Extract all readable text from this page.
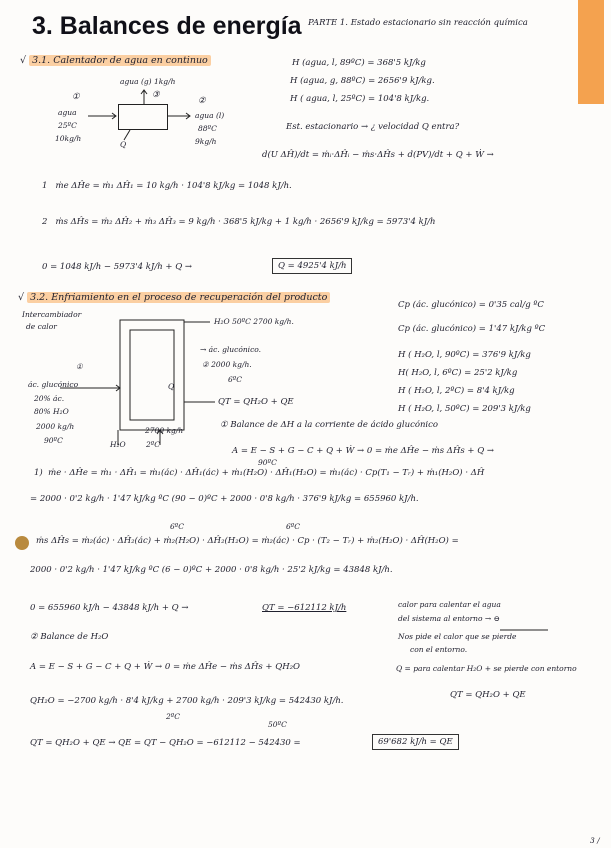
3. Balances de energía PARTE 1. Estado estacionario sin reacción química
√ 3.1. Calentador de agua en continuo
agua (g) 1kg/h
①	③
②
agua
25ºC
10kg/h
Q
agua (l)
88ºC
9kg/h
H (agua, l, 89ºC) = 368'5 kJ/kg
H (agua, g, 88ºC) = 2656'9 kJ/kg.
H ( agua, l, 25ºC) = 104'8 kJ/kg.
Est. estacionario → ¿ velocidad Q entra?
d(U ΔĤ)/dt = ṁᵢ·ΔĤᵢ − ṁs·ΔĤs + d(PV)/dt + Q + Ẇ →
1   ṁe ΔĤe = ṁ₁ ΔĤ₁ = 10 kg/h · 104'8 kJ/kg = 1048 kJ/h.
2   ṁs ΔĤs = ṁ₂ ΔĤ₂ + ṁ₃ ΔĤ₃ = 9 kg/h · 368'5 kJ/kg + 1 kg/h · 2656'9 kJ/kg = 5973'4 kJ/h
0 = 1048 kJ/h − 5973'4 kJ/h + Q →	Q = 4925'4 kJ/h
√ 3.2. Enfriamiento en el proceso de recuperación del producto
Intercambiador
de calor
H₂O 50ºC 2700 kg/h.
→ ác. glucónico.
② 2000 kg/h.
6ºC
①
ác. glucónico
20% ác.
80% H₂O
2000 kg/h
90ºC
2700 kg/h
H₂O	2ºC
Q
QT = QH₂O + QE
Cp (ác. glucónico) = 0'35 cal/g ºC
Cp (ác. glucónico) = 1'47 kJ/kg ºC
H ( H₂O, l, 90ºC) = 376'9 kJ/kg
H( H₂O, l, 6ºC) = 25'2 kJ/kg
H ( H₂O, l, 2ºC) = 8'4 kJ/kg
H ( H₂O, l, 50ºC) = 209'3 kJ/kg
① Balance de ΔH a la corriente de ácido glucónico
A = E − S + G − C + Q + Ẇ → 0 = ṁe ΔĤe − ṁs ΔĤs + Q →
90ºC
1)  ṁe · ΔĤe = ṁ₁ · ΔĤ₁ = ṁ₁(ác) · ΔĤ₁(ác) + ṁ₁(H₂O) · ΔĤ₁(H₂O) = ṁ₁(ác) · Cp(T₁ − Tᵣ) + ṁ₁(H₂O) · ΔĤ
= 2000 · 0'2 kg/h · 1'47 kJ/kg ºC (90 − 0)ºC + 2000 · 0'8 kg/h · 376'9 kJ/kg = 655960 kJ/h.
6ºC	6ºC
ṁs ΔĤs = ṁ₂(ác) · ΔĤ₂(ác) + ṁ₂(H₂O) · ΔĤ₂(H₂O) = ṁ₂(ác) · Cp · (T₂ − Tᵣ) + ṁ₂(H₂O) · ΔĤ(H₂O) =
2000 · 0'2 kg/h · 1'47 kJ/kg ºC (6 − 0)ºC + 2000 · 0'8 kg/h · 25'2 kJ/kg = 43848 kJ/h.
0 = 655960 kJ/h − 43848 kJ/h + Q →	QT = −612112 kJ/h	calor para calentar el agua
del sistema al entorno → ⊖
Nos pide el calor que se pierde
con el entorno.
② Balance de H₂O
A = E − S + G − C + Q + Ẇ → 0 = ṁe ΔĤe − ṁs ΔĤs + QH₂O	Q = para calentar H₂O + se pierde con entorno
QH₂O = −2700 kg/h · 8'4 kJ/kg + 2700 kg/h · 209'3 kJ/kg = 542430 kJ/h.
QT = QH₂O + QE
2ºC
50ºC
QT = QH₂O + QE → QE = QT − QH₂O = −612112 − 542430 =	69'682 kJ/h = QE
3 /
